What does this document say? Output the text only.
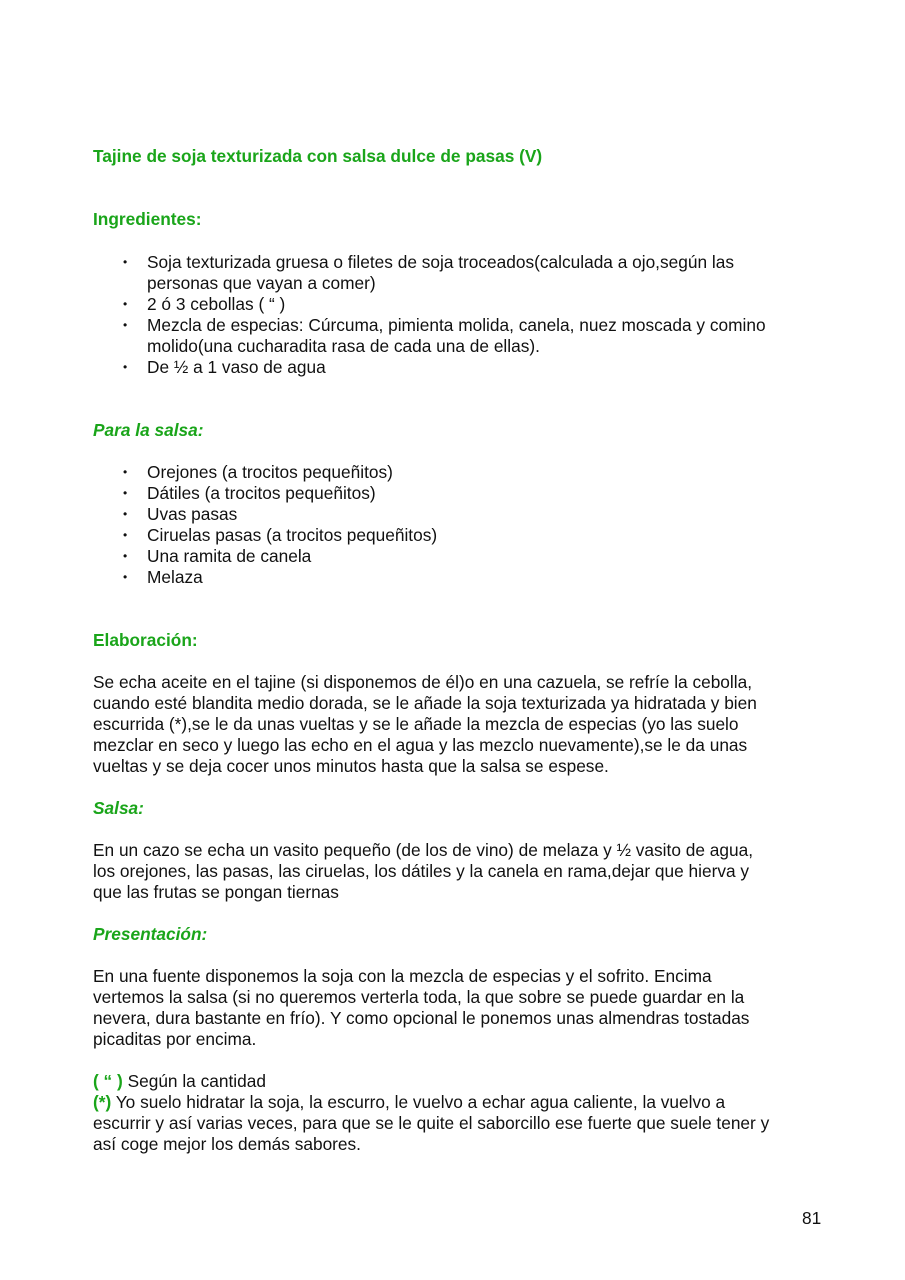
Tajine de soja texturizada con salsa dulce de pasas (V)
Ingredientes:
• Soja texturizada gruesa o filetes de soja troceados(calculada a ojo,según las
personas que vayan a comer)
• 2 ó 3 cebollas ( “ )
• Mezcla de especias: Cúrcuma, pimienta molida, canela, nuez moscada y comino
molido(una cucharadita rasa de cada una de ellas).
• De ½ a 1 vaso de agua
Para la salsa:
• Orejones (a trocitos pequeñitos)
• Dátiles (a trocitos pequeñitos)
• Uvas pasas
• Ciruelas pasas (a trocitos pequeñitos)
• Una ramita de canela
• Melaza
Elaboración:
Se echa aceite en el tajine (si disponemos de él)o en una cazuela, se refríe la cebolla,
cuando esté blandita medio dorada, se le añade la soja texturizada ya hidratada y bien
escurrida (*),se le da unas vueltas y se le añade la mezcla de especias (yo las suelo
mezclar en seco y luego las echo en el agua y las mezclo nuevamente),se le da unas
vueltas y se deja cocer unos minutos hasta que la salsa se espese.
Salsa:
En un cazo se echa un vasito pequeño (de los de vino) de melaza y ½ vasito de agua,
los orejones, las pasas, las ciruelas, los dátiles y la canela en rama,dejar que hierva y
que las frutas se pongan tiernas
Presentación:
En una fuente disponemos la soja con la mezcla de especias y el sofrito. Encima
vertemos la salsa (si no queremos verterla toda, la que sobre se puede guardar en la
nevera, dura bastante en frío). Y como opcional le ponemos unas almendras tostadas
picaditas por encima.
( “ ) Según la cantidad
(*) Yo suelo hidratar la soja, la escurro, le vuelvo a echar agua caliente, la vuelvo a
escurrir y así varias veces, para que se le quite el saborcillo ese fuerte que suele tener y
así coge mejor los demás sabores.
81
